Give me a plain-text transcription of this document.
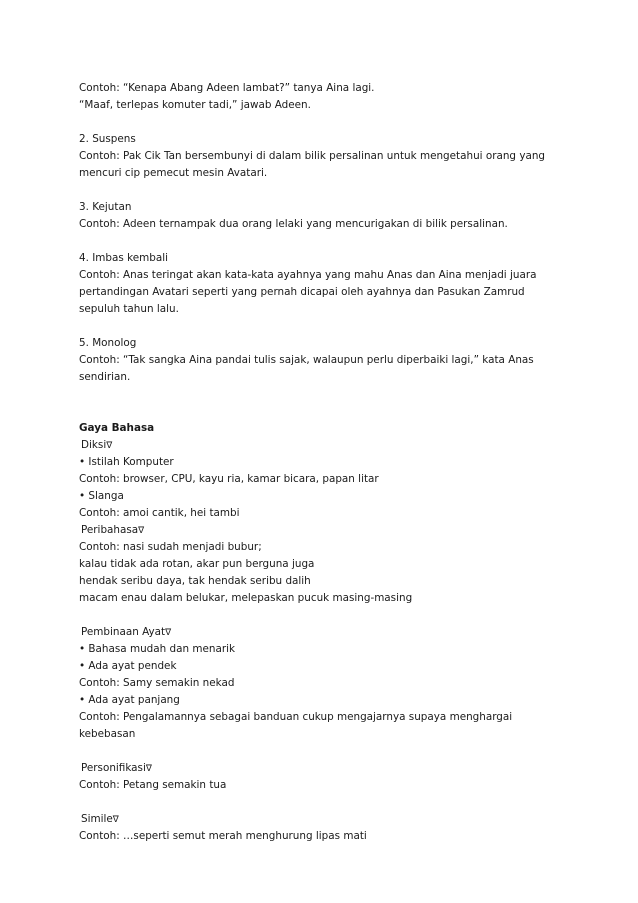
Contoh: “Kenapa Abang Adeen lambat?” tanya Aina lagi.
“Maaf, terlepas komuter tadi,” jawab Adeen.
2. Suspens
Contoh: Pak Cik Tan bersembunyi di dalam bilik persalinan untuk mengetahui orang yang
mencuri cip pemecut mesin Avatari.
3. Kejutan
Contoh: Adeen ternampak dua orang lelaki yang mencurigakan di bilik persalinan.
4. Imbas kembali
Contoh: Anas teringat akan kata-kata ayahnya yang mahu Anas dan Aina menjadi juara
pertandingan Avatari seperti yang pernah dicapai oleh ayahnya dan Pasukan Zamrud
sepuluh tahun lalu.
5. Monolog
Contoh: “Tak sangka Aina pandai tulis sajak, walaupun perlu diperbaiki lagi,” kata Anas
sendirian.
Gaya Bahasa
Diksi∇
• Istilah Komputer
Contoh: browser, CPU, kayu ria, kamar bicara, papan litar
• Slanga
Contoh: amoi cantik, hei tambi
Peribahasa∇
Contoh: nasi sudah menjadi bubur;
kalau tidak ada rotan, akar pun berguna juga
hendak seribu daya, tak hendak seribu dalih
macam enau dalam belukar, melepaskan pucuk masing-masing
Pembinaan Ayat∇
• Bahasa mudah dan menarik
• Ada ayat pendek
Contoh: Samy semakin nekad
• Ada ayat panjang
Contoh: Pengalamannya sebagai banduan cukup mengajarnya supaya menghargai
kebebasan
Personifikasi∇
Contoh: Petang semakin tua
Simile∇
Contoh: …seperti semut merah menghurung lipas mati
